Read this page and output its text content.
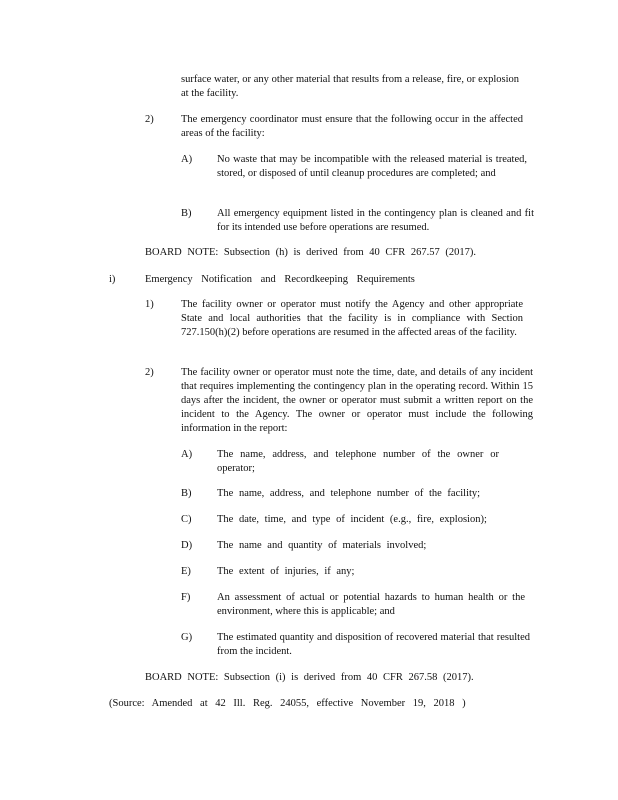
surface water, or any other material that results from a release, fire, or explosion at the facility.

2)	The emergency coordinator must ensure that the following occur in the affected areas of the facility:

A) No waste that may be incompatible with the released material is treated, stored, or disposed of until cleanup procedures are completed; and

B) All emergency equipment listed in the contingency plan is cleaned and fit for its intended use before operations are resumed.

BOARD NOTE: Subsection (h) is derived from 40 CFR 267.57 (2017).

i)	Emergency Notification and Recordkeeping Requirements

1)	The facility owner or operator must notify the Agency and other appropriate State and local authorities that the facility is in compliance with Section 727.150(h)(2) before operations are resumed in the affected areas of the facility.

2)	The facility owner or operator must note the time, date, and details of any incident that requires implementing the contingency plan in the operating record. Within 15 days after the incident, the owner or operator must submit a written report on the incident to the Agency. The owner or operator must include the following information in the report:

A) The name, address, and telephone number of the owner or operator;

B) The name, address, and telephone number of the facility;

C) The date, time, and type of incident (e.g., fire, explosion);

D) The name and quantity of materials involved;

E) The extent of injuries, if any;

F)	An assessment of actual or potential hazards to human health or the environment, where this is applicable; and

G) The estimated quantity and disposition of recovered material that resulted from the incident.

BOARD NOTE: Subsection (i) is derived from 40 CFR 267.58 (2017).

(Source: Amended at 42 Ill. Reg. 24055, effective November 19, 2018 )
